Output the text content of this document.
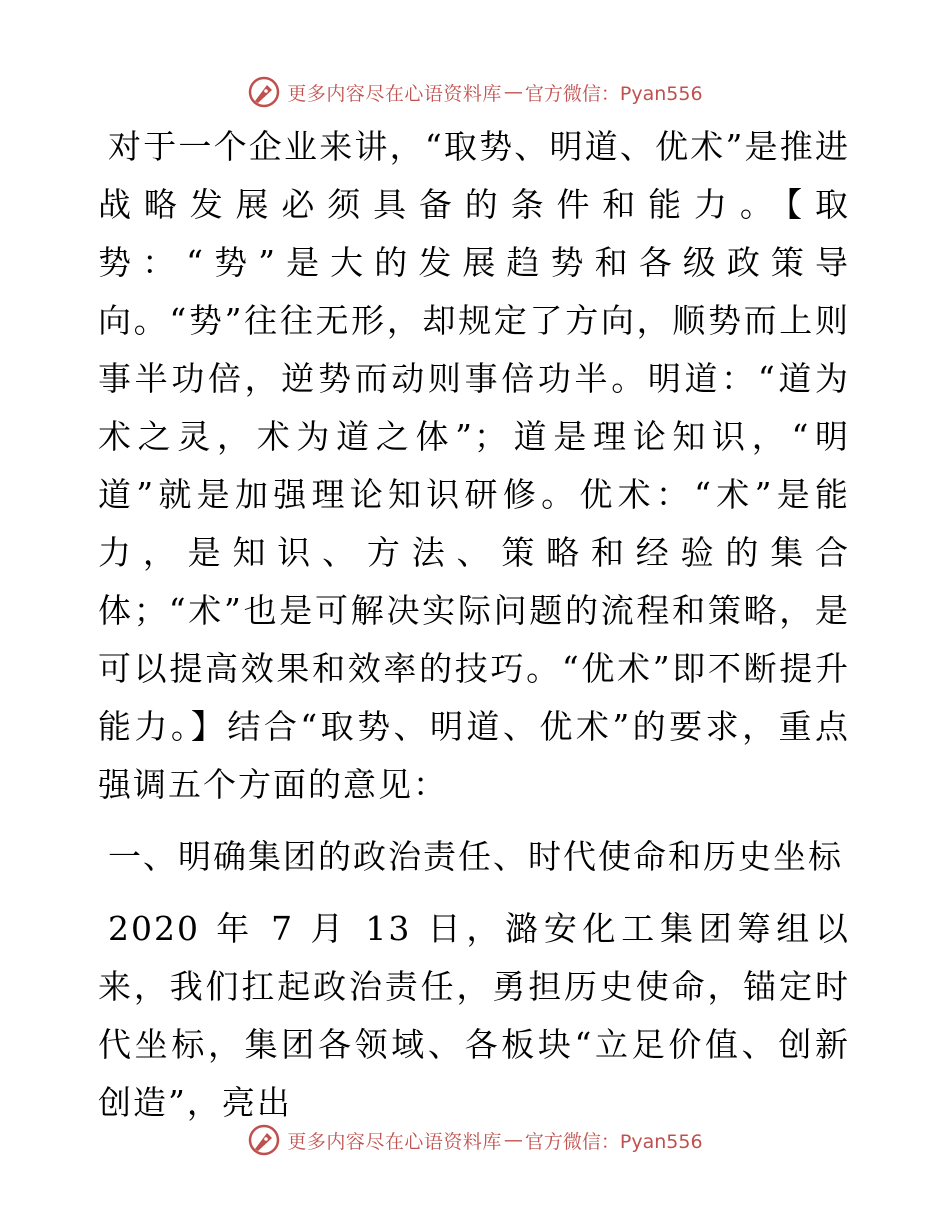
更多内容尽在心语资料库 — 官方微信：Pyan556

对于一个企业来讲，“取势、明道、优术”是推进战略发展必须具备的条件和能力。【取势：“势”是大的发展趋势和各级政策导向。“势”往往无形，却规定了方向，顺势而上则事半功倍，逆势而动则事倍功半。明道：“道为术之灵，术为道之体”；道是理论知识，“明道”就是加强理论知识研修。优术：“术”是能力，是知识、方法、策略和经验的集合体；“术”也是可解决实际问题的流程和策略，是可以提高效果和效率的技巧。“优术”即不断提升能力。】结合“取势、明道、优术”的要求，重点强调五个方面的意见：

一、明确集团的政治责任、时代使命和历史坐标

2020 年 7 月 13 日，潞安化工集团筹组以来，我们扛起政治责任，勇担历史使命，锚定时代坐标，集团各领域、各板块“立足价值、创新创造”，亮出

更多内容尽在心语资料库 — 官方微信：Pyan556
